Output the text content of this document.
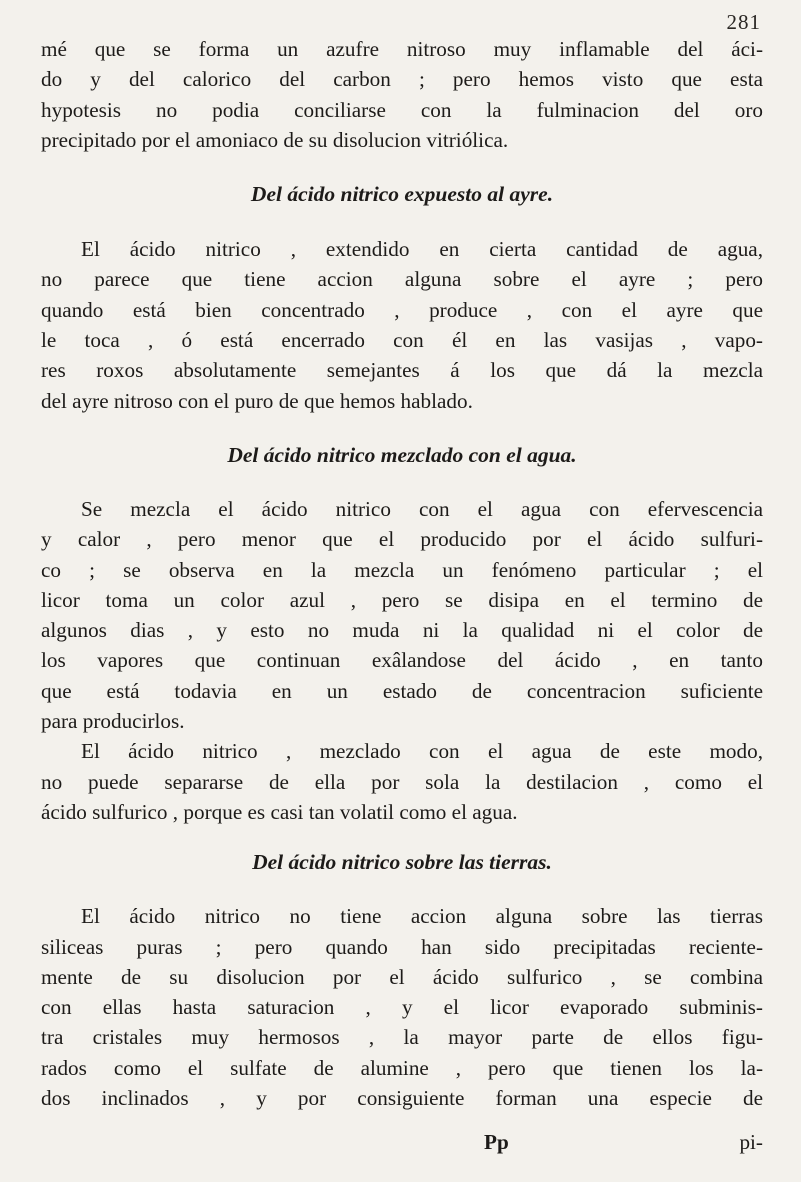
281

mé que se forma un azufre nitroso muy inflamable del áci-
do y del calorico del carbon ; pero hemos visto que esta
hypotesis no podia conciliarse con la fulminacion del oro
precipitado por el amoniaco de su disolucion vitriólica.

Del ácido nitrico expuesto al ayre.

El ácido nitrico , extendido en cierta cantidad de agua,
no parece que tiene accion alguna sobre el ayre ; pero
quando está bien concentrado , produce , con el ayre que
le toca , ó está encerrado con él en las vasijas , vapo-
res roxos absolutamente semejantes á los que dá la mezcla
del ayre nitroso con el puro de que hemos hablado.

Del ácido nitrico mezclado con el agua.

Se mezcla el ácido nitrico con el agua con efervescencia
y calor , pero menor que el producido por el ácido sulfuri-
co ; se observa en la mezcla un fenómeno particular ; el
licor toma un color azul , pero se disipa en el termino de
algunos dias , y esto no muda ni la qualidad ni el color de
los vapores que continuan exâlandose del ácido , en tanto
que está todavia en un estado de concentracion suficiente
para producirlos.

El ácido nitrico , mezclado con el agua de este modo,
no puede separarse de ella por sola la destilacion , como el
ácido sulfurico , porque es casi tan volatil como el agua.

Del ácido nitrico sobre las tierras.

El ácido nitrico no tiene accion alguna sobre las tierras
siliceas puras ; pero quando han sido precipitadas reciente-
mente de su disolucion por el ácido sulfurico , se combina
con ellas hasta saturacion , y el licor evaporado subminis-
tra cristales muy hermosos , la mayor parte de ellos figu-
rados como el sulfate de alumine , pero que tienen los la-
dos inclinados , y por consiguiente forman una especie de

Pp	pi-
